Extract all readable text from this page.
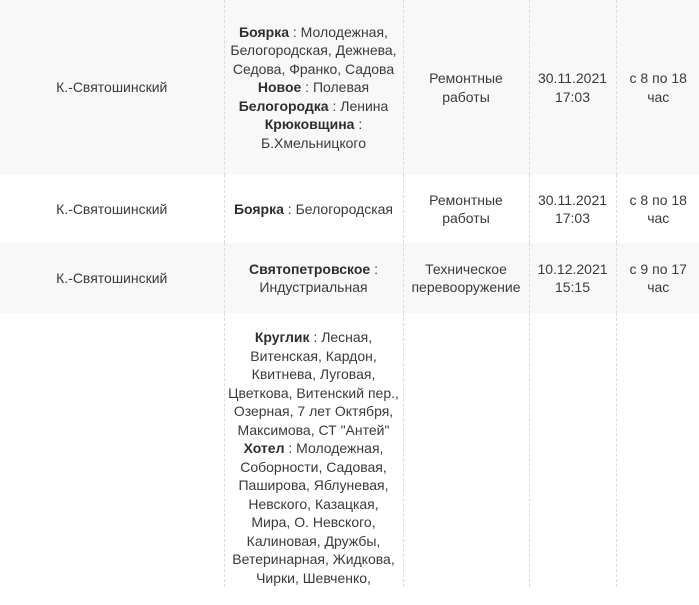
К.-Святошинский	Боярка : Молодежная, Белогородская, Дежнева, Седова, Франко, Садова
Новое : Полевая
Белогородка : Ленина
Крюковщина : Б.Хмельницкого	Ремонтные работы	30.11.2021 17:03	с 8 по 18 час
К.-Святошинский	Боярка : Белогородская	Ремонтные работы	30.11.2021 17:03	с 8 по 18 час
К.-Святошинский	Святопетровское : Индустриальная	Техническое перевооружение	10.12.2021 15:15	с 9 по 17 час
	Круглик : Лесная, Витенская, Кардон, Квитнева, Луговая, Цветкова, Витенский пер., Озерная, 7 лет Октября, Максимова, СТ "Антей"
Хотел : Молодежная, Соборности, Садовая, Паширова, Яблуневая, Невского, Казацкая, Мира, О. Невского, Калиновая, Дружбы, Ветеринарная, Жидкова, Чирки, Шевченко,			
